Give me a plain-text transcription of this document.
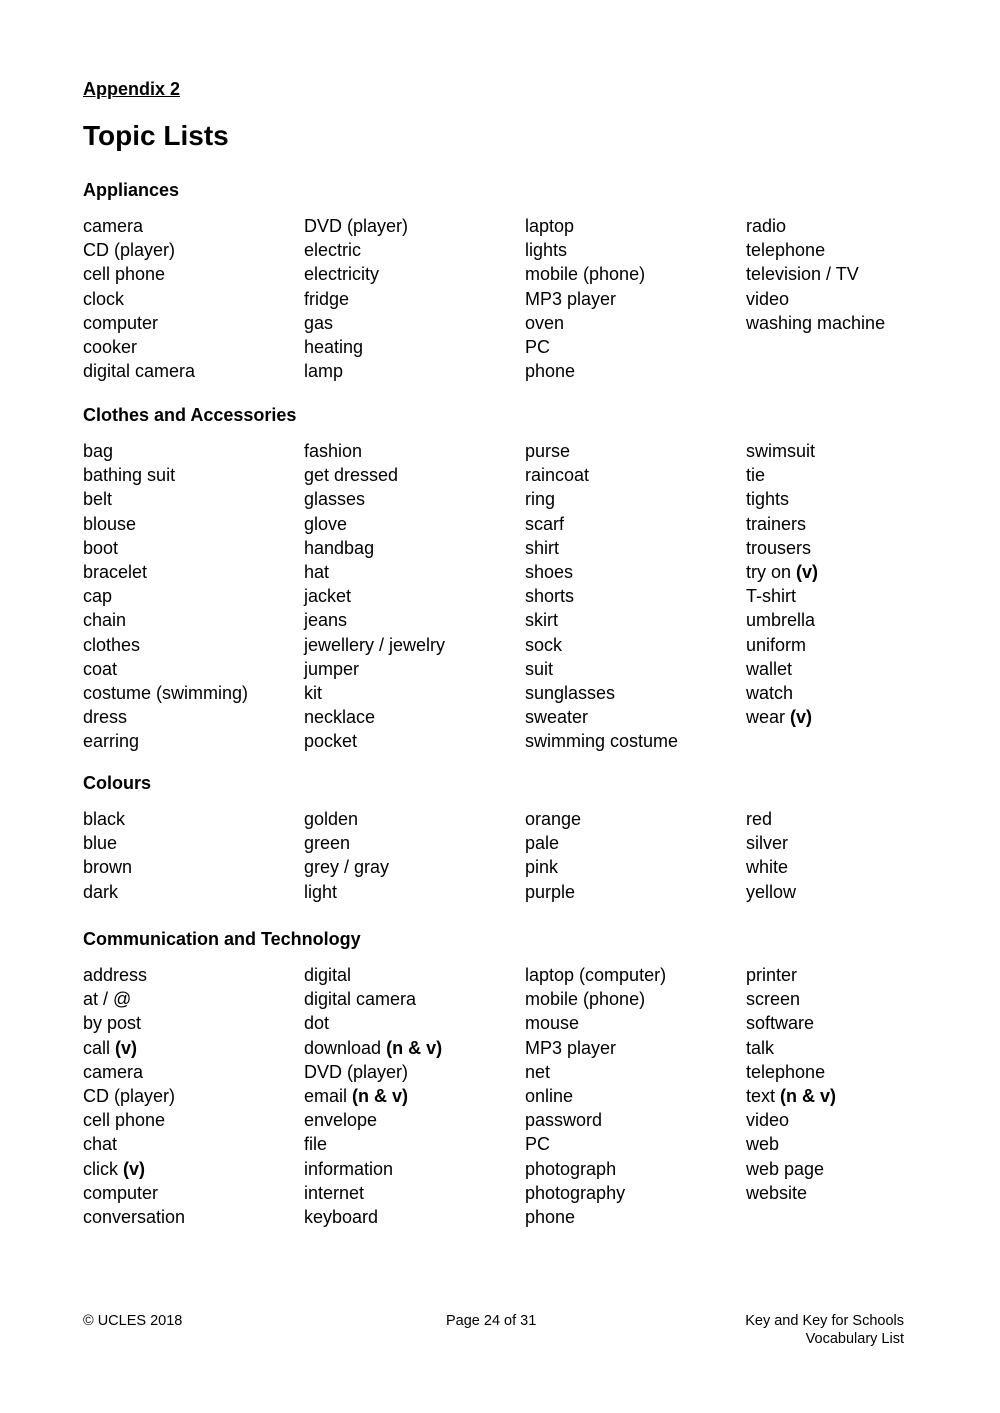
Appendix 2
Topic Lists
Appliances
camera
CD (player)
cell phone
clock
computer
cooker
digital camera
DVD (player)
electric
electricity
fridge
gas
heating
lamp
laptop
lights
mobile (phone)
MP3 player
oven
PC
phone
radio
telephone
television / TV
video
washing machine
Clothes and Accessories
bag
bathing suit
belt
blouse
boot
bracelet
cap
chain
clothes
coat
costume (swimming)
dress
earring
fashion
get dressed
glasses
glove
handbag
hat
jacket
jeans
jewellery / jewelry
jumper
kit
necklace
pocket
purse
raincoat
ring
scarf
shirt
shoes
shorts
skirt
sock
suit
sunglasses
sweater
swimming costume
swimsuit
tie
tights
trainers
trousers
try on (v)
T-shirt
umbrella
uniform
wallet
watch
wear (v)
Colours
black
blue
brown
dark
golden
green
grey / gray
light
orange
pale
pink
purple
red
silver
white
yellow
Communication and Technology
address
at / @
by post
call (v)
camera
CD (player)
cell phone
chat
click (v)
computer
conversation
digital
digital camera
dot
download (n & v)
DVD (player)
email (n & v)
envelope
file
information
internet
keyboard
laptop (computer)
mobile (phone)
mouse
MP3 player
net
online
password
PC
photograph
photography
phone
printer
screen
software
talk
telephone
text (n & v)
video
web
web page
website
© UCLES 2018	Page 24 of 31	Key and Key for Schools
Vocabulary List
